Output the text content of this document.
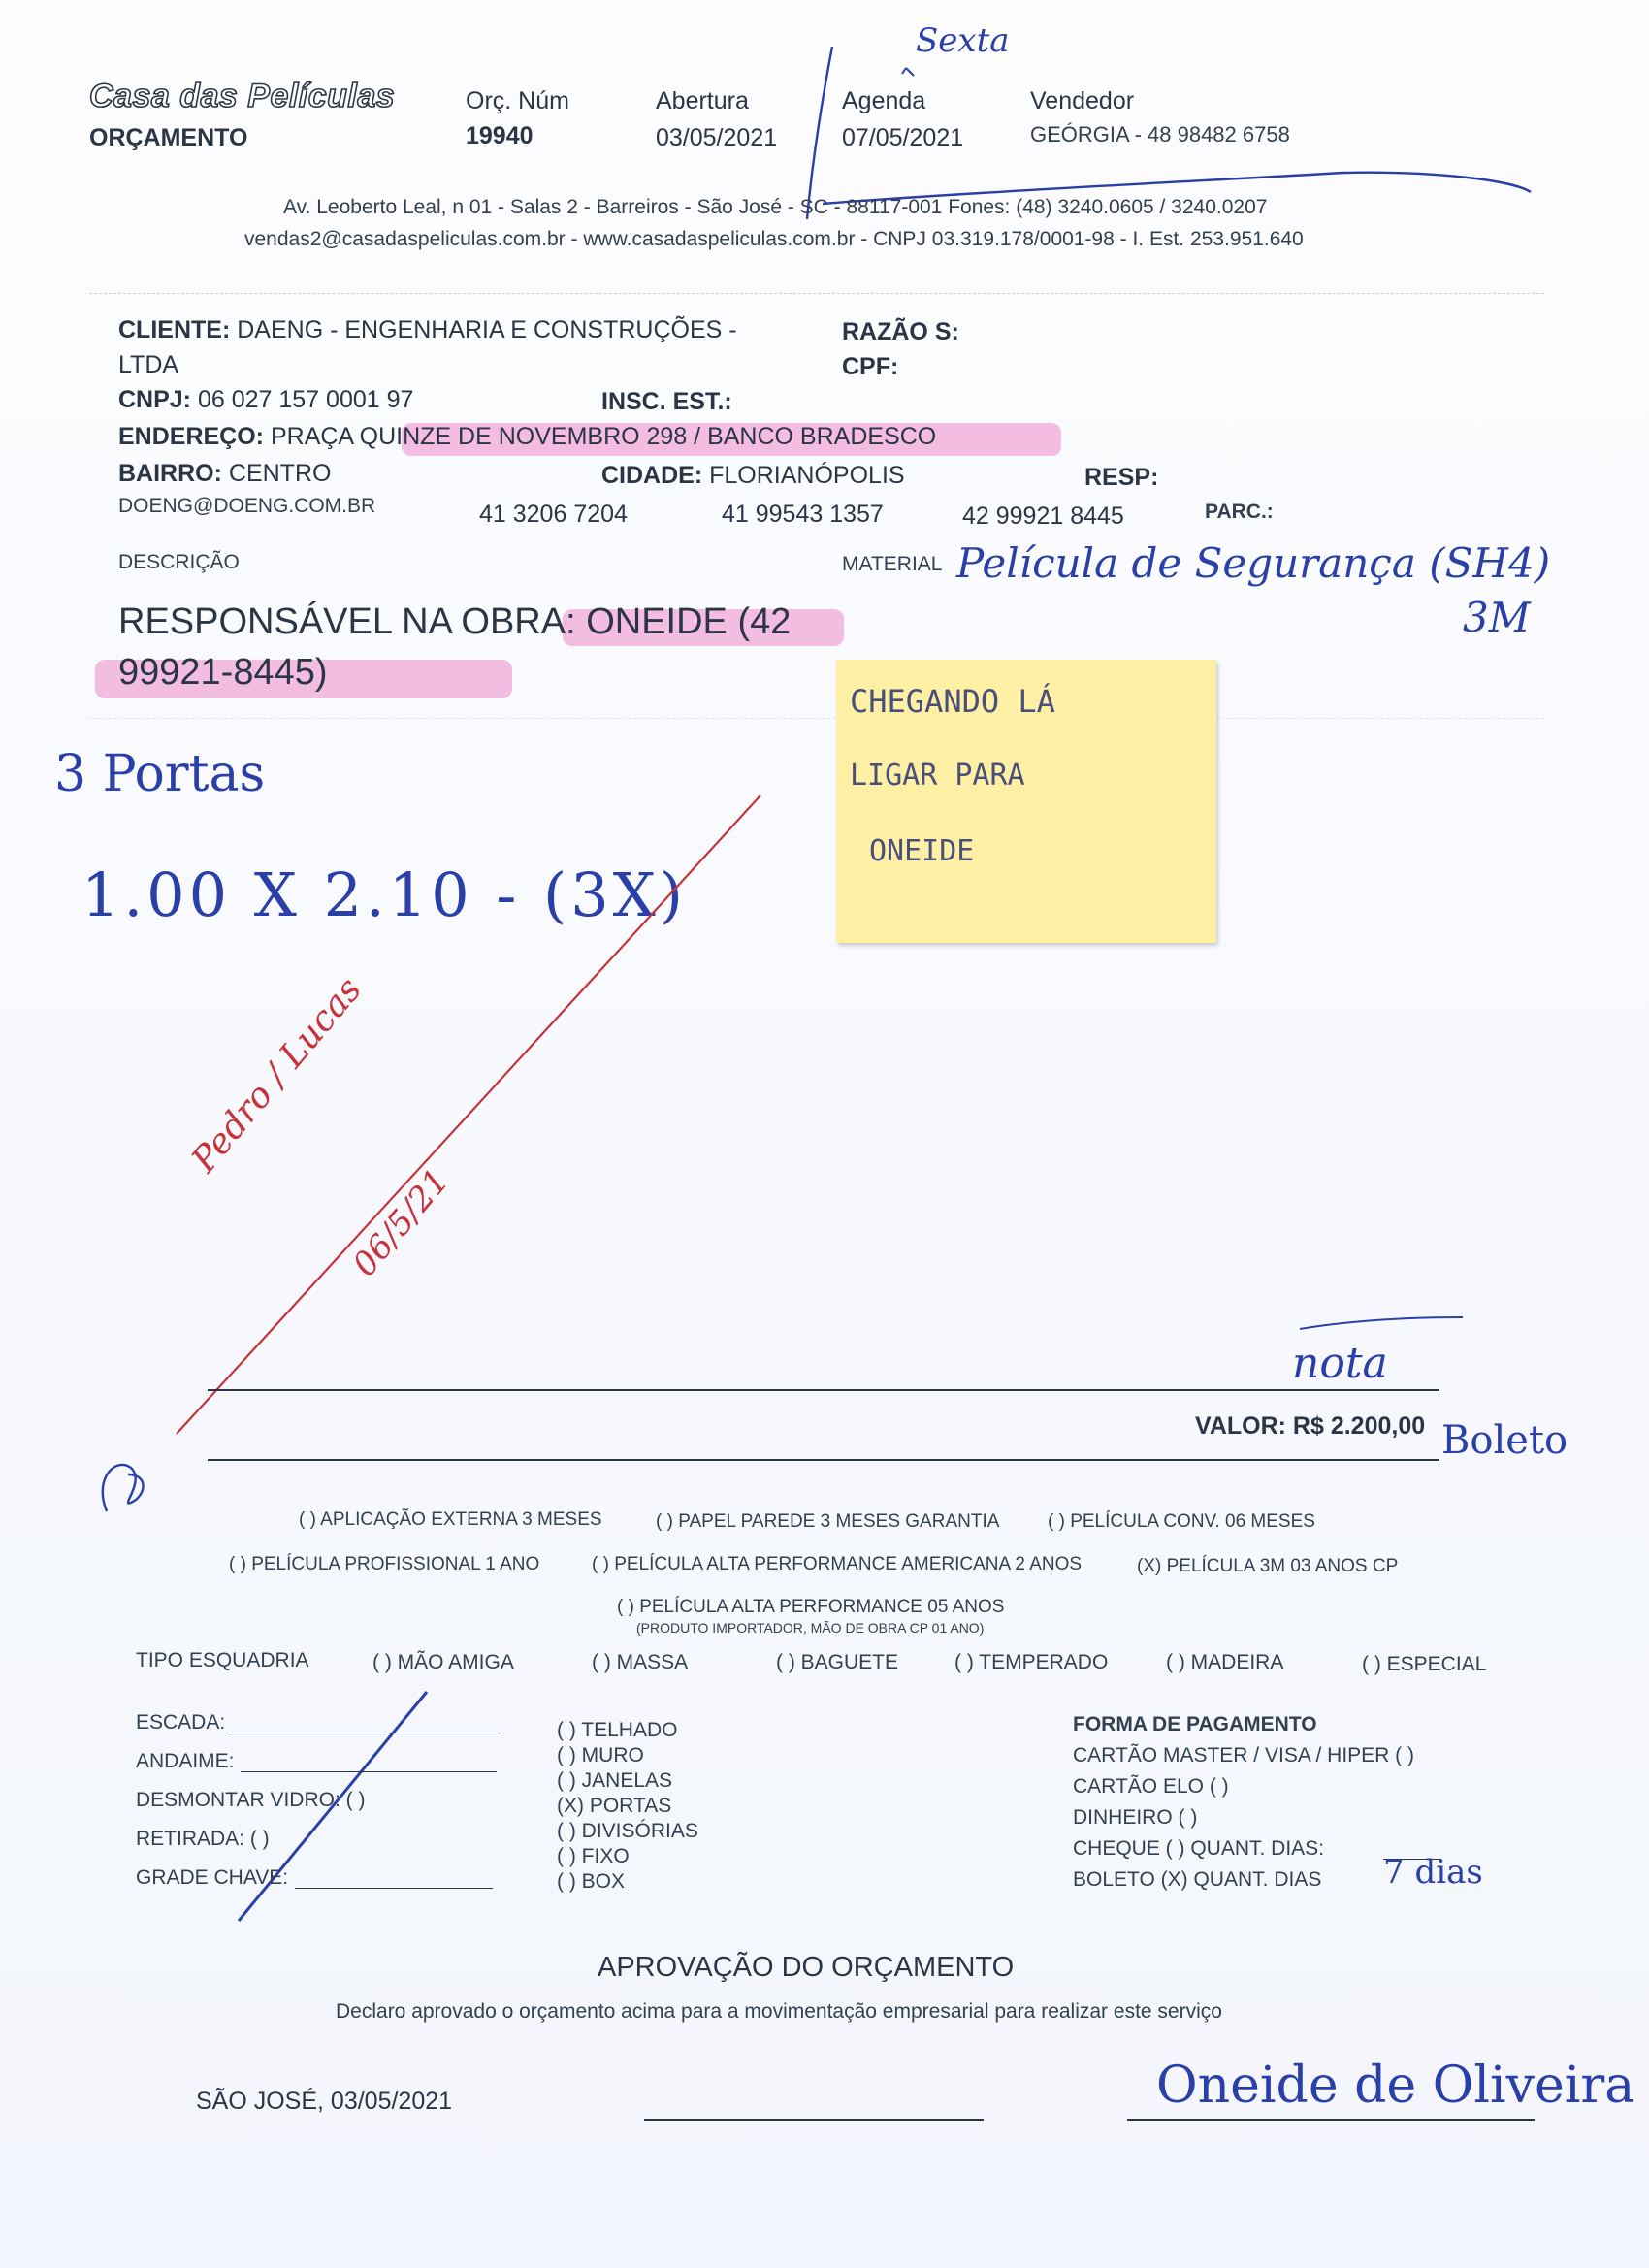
Casa das Películas
ORÇAMENTO
Orç. Núm
19940
Abertura
03/05/2021
Agenda
07/05/2021
Vendedor
GEÓRGIA - 48 98482 6758
Sexta
Av. Leoberto Leal, n 01 - Salas 2 - Barreiros - São José - SC - 88117-001 Fones: (48) 3240.0605 / 3240.0207
vendas2@casadaspeliculas.com.br - www.casadaspeliculas.com.br - CNPJ 03.319.178/0001-98 - I. Est. 253.951.640
CLIENTE: DAENG - ENGENHARIA E CONSTRUÇÕES -
LTDA
RAZÃO S:
CPF:
CNPJ: 06 027 157 0001 97	INSC. EST.:
ENDEREÇO: PRAÇA QUINZE DE NOVEMBRO 298 / BANCO BRADESCO
BAIRRO: CENTRO	CIDADE: FLORIANÓPOLIS	RESP:
DOENG@DOENG.COM.BR	41 3206 7204	41 99543 1357	42 99921 8445	PARC.:
DESCRIÇÃO	MATERIAL Película de Segurança (SH4)
3M
RESPONSÁVEL NA OBRA: ONEIDE (42
99921-8445)
3 Portas
1.00 X 2.10 - (3X)
CHEGANDO LÁ
LIGAR PARA
ONEIDE
Pedro / Lucas
06/5/21
nota
VALOR: R$ 2.200,00 Boleto
( ) APLICAÇÃO EXTERNA 3 MESES	( ) PAPEL PAREDE 3 MESES GARANTIA	( ) PELÍCULA CONV. 06 MESES
( ) PELÍCULA PROFISSIONAL 1 ANO	( ) PELÍCULA ALTA PERFORMANCE AMERICANA 2 ANOS	(X) PELÍCULA 3M 03 ANOS CP
( ) PELÍCULA ALTA PERFORMANCE 05 ANOS
(PRODUTO IMPORTADOR, MÃO DE OBRA CP 01 ANO)
TIPO ESQUADRIA	( ) MÃO AMIGA	( ) MASSA	( ) BAGUETE	( ) TEMPERADO	( ) MADEIRA	( ) ESPECIAL
ESCADA:
ANDAIME:
DESMONTAR VIDRO: ( )
RETIRADA: ( )
GRADE CHAVE:
( ) TELHADO
( ) MURO
( ) JANELAS
(X) PORTAS
( ) DIVISÓRIAS
( ) FIXO
( ) BOX
FORMA DE PAGAMENTO
CARTÃO MASTER / VISA / HIPER ( )
CARTÃO ELO ( )
DINHEIRO ( )
CHEQUE ( ) QUANT. DIAS:
BOLETO (X) QUANT. DIAS 7 dias
APROVAÇÃO DO ORÇAMENTO
Declaro aprovado o orçamento acima para a movimentação empresarial para realizar este serviço
SÃO JOSÉ, 03/05/2021	Oneide de Oliveira
